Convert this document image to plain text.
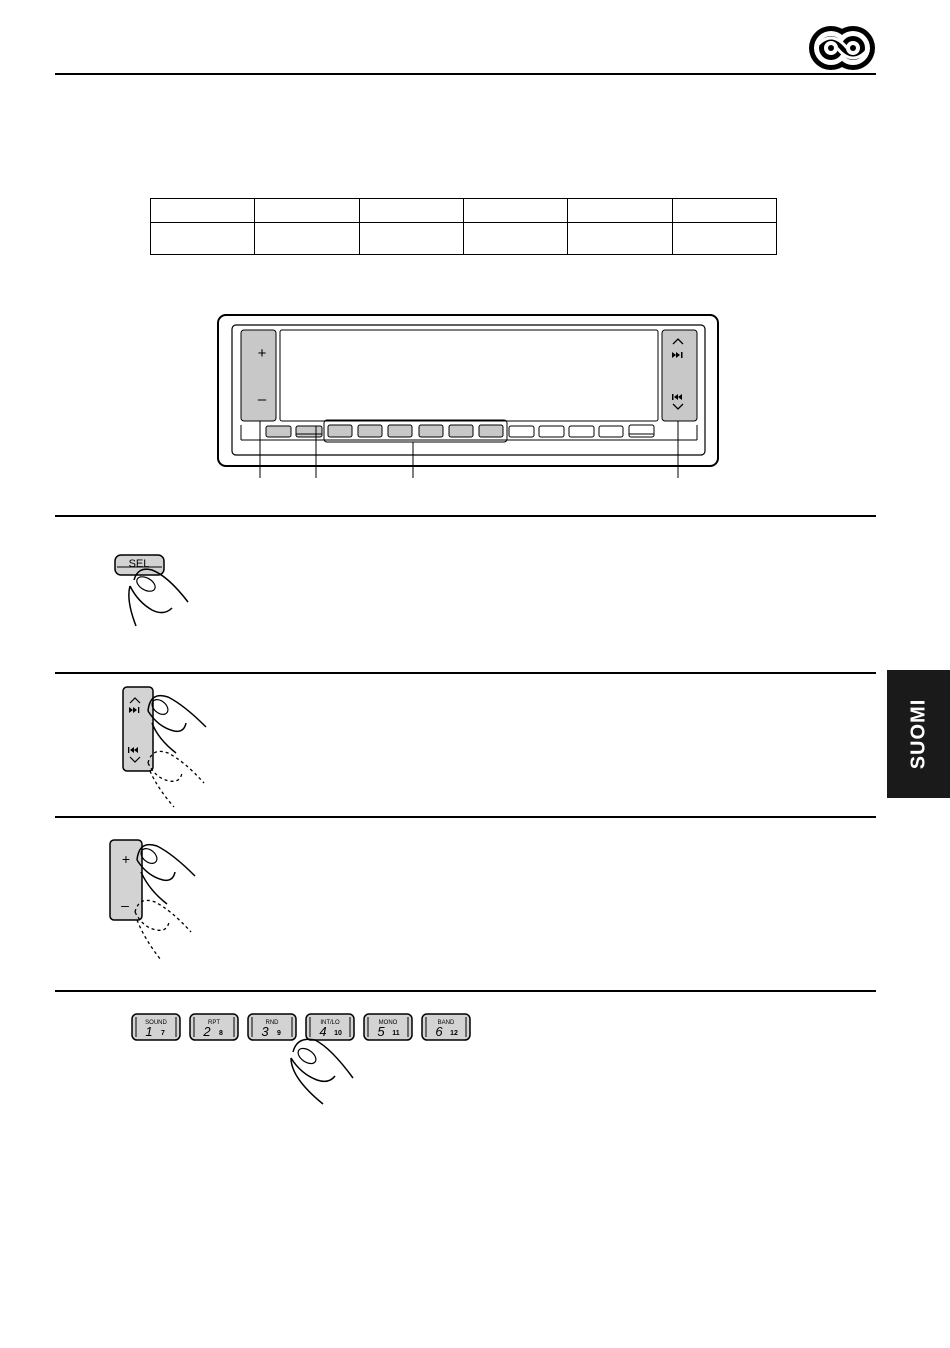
+
–
SEL
+
–
SOUND
1 7
RPT
2 8
RND
3 9
INT/LO
4 10
MONO
5 11
BAND
6 12
SUOMI
